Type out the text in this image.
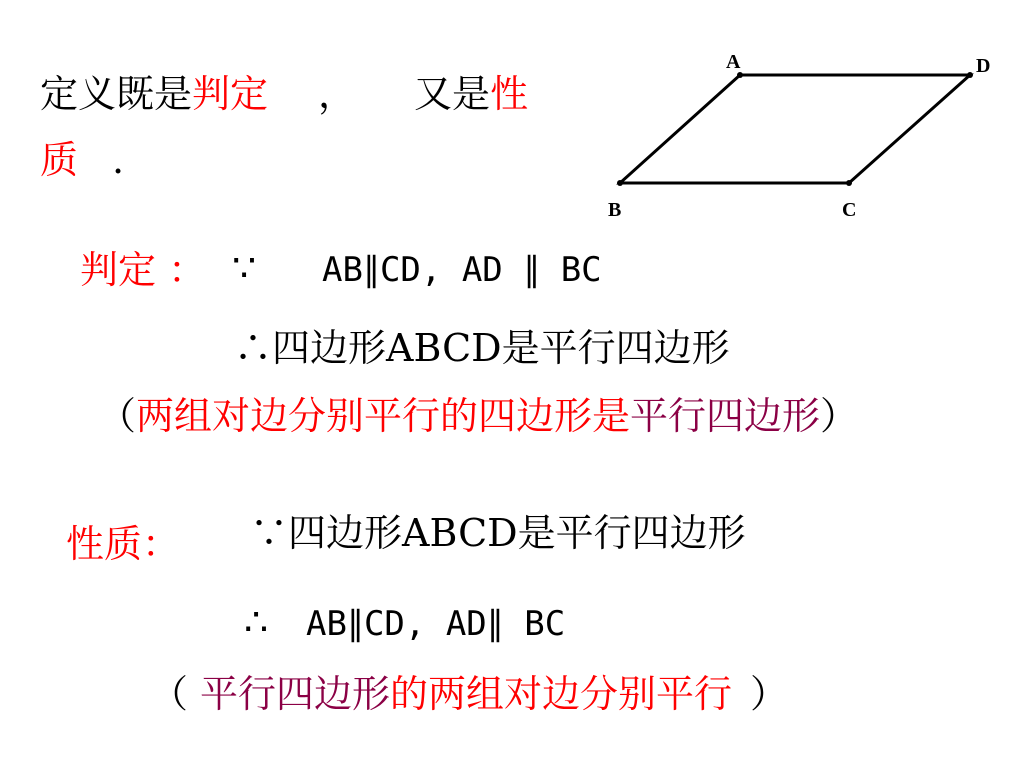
定义既是判定 ， 又是性
质 .
A	D
B	C
判定 ： ∵ AB∥CD, AD ∥ BC
∴四边形ABCD是平行四边形
（两组对边分别平行的四边形是平行四边形）
性质： ∵四边形ABCD是平行四边形
∴ AB∥CD, AD∥ BC
（ 平行四边形的两组对边分别平行 ）
